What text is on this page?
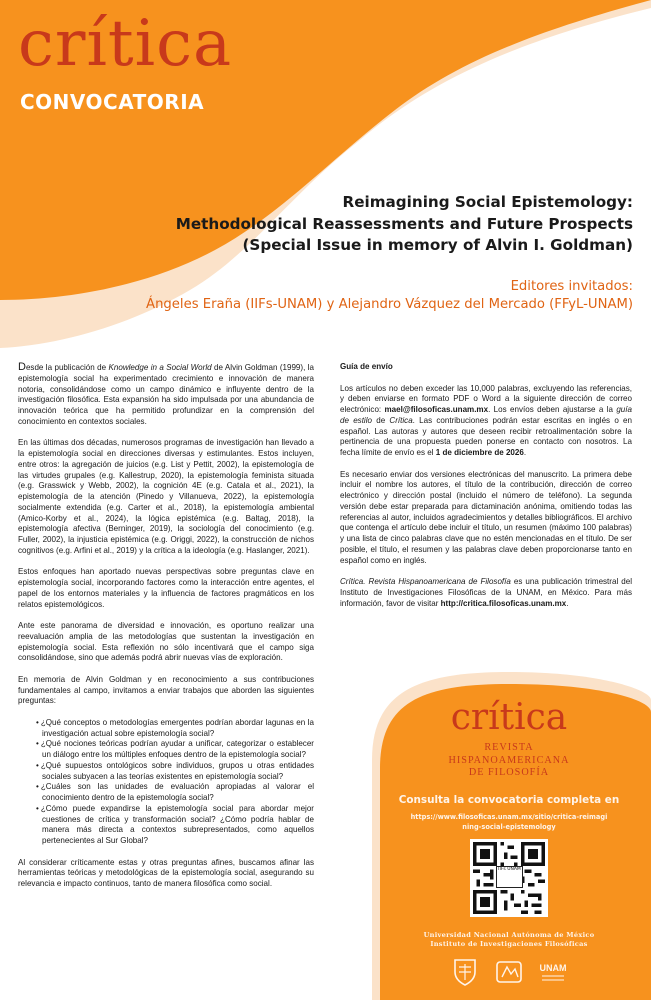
crítica
CONVOCATORIA
Reimagining Social Epistemology:
Methodological Reassessments and Future Prospects
(Special Issue in memory of Alvin I. Goldman)
Editores invitados:
Ángeles Eraña (IIFs-UNAM) y Alejandro Vázquez del Mercado (FFyL-UNAM)

Desde la publicación de Knowledge in a Social World de Alvin Goldman (1999), la epistemología social ha experimentado crecimiento e innovación de manera notoria, consolidándose como un campo dinámico e influyente dentro de la investigación filosófica. Esta expansión ha sido impulsada por una abundancia de innovación teórica que ha permitido profundizar en la comprensión del conocimiento en contextos sociales.

En las últimas dos décadas, numerosos programas de investigación han llevado a la epistemología social en direcciones diversas y estimulantes. Estos incluyen, entre otros: la agregación de juicios (e.g. List y Pettit, 2002), la epistemología de las virtudes grupales (e.g. Kallestrup, 2020), la epistemología feminista situada (e.g. Grasswick y Webb, 2002), la cognición 4E (e.g. Catala et al., 2021), la epistemología de la atención (Pinedo y Villanueva, 2022), la epistemología socialmente extendida (e.g. Carter et al., 2018), la epistemología ambiental (Amico-Korby et al., 2024), la lógica epistémica (e.g. Baltag, 2018), la epistemología afectiva (Berninger, 2019), la sociología del conocimiento (e.g. Fuller, 2002), la injusticia epistémica (e.g. Origgi, 2022), la construcción de nichos cognitivos (e.g. Arfini et al., 2019) y la crítica a la ideología (e.g. Haslanger, 2021).

Estos enfoques han aportado nuevas perspectivas sobre preguntas clave en epistemología social, incorporando factores como la interacción entre agentes, el papel de los entornos materiales y la influencia de factores pragmáticos en los relatos epistemológicos.

Ante este panorama de diversidad e innovación, es oportuno realizar una reevaluación amplia de las metodologías que sustentan la investigación en epistemología social. Esta reflexión no sólo incentivará que el campo siga consolidándose, sino que además podrá abrir nuevas vías de exploración.

En memoria de Alvin Goldman y en reconocimiento a sus contribuciones fundamentales al campo, invitamos a enviar trabajos que aborden las siguientes preguntas:

• ¿Qué conceptos o metodologías emergentes podrían abordar lagunas en la investigación actual sobre epistemología social?
• ¿Qué nociones teóricas podrían ayudar a unificar, categorizar o establecer un diálogo entre los múltiples enfoques dentro de la epistemología social?
• ¿Qué supuestos ontológicos sobre individuos, grupos u otras entidades sociales subyacen a las teorías existentes en epistemología social?
• ¿Cuáles son las unidades de evaluación apropiadas al valorar el conocimiento dentro de la epistemología social?
• ¿Cómo puede expandirse la epistemología social para abordar mejor cuestiones de crítica y transformación social? ¿Cómo podría hablar de manera más directa a contextos subrepresentados, como aquellos pertenecientes al Sur Global?

Al considerar críticamente estas y otras preguntas afines, buscamos afinar las herramientas teóricas y metodológicas de la epistemología social, asegurando su relevancia e impacto continuos, tanto de manera filosófica como social.

Guía de envío

Los artículos no deben exceder las 10,000 palabras, excluyendo las referencias, y deben enviarse en formato PDF o Word a la siguiente dirección de correo electrónico: mael@filosoficas.unam.mx. Los envíos deben ajustarse a la guía de estilo de Crítica. Las contribuciones podrán estar escritas en inglés o en español. Las autoras y autores que deseen recibir retroalimentación sobre la pertinencia de una propuesta pueden ponerse en contacto con nosotros. La fecha límite de envío es el 1 de diciembre de 2026.

Es necesario enviar dos versiones electrónicas del manuscrito. La primera debe incluir el nombre los autores, el título de la contribución, dirección de correo electrónico y dirección postal (incluido el número de teléfono). La segunda versión debe estar preparada para dictaminación anónima, omitiendo todas las referencias al autor, incluidos agradecimientos y detalles bibliográficos. El archivo que contenga el artículo debe incluir el título, un resumen (máximo 100 palabras) y una lista de cinco palabras clave que no estén mencionadas en el título. De ser posible, el título, el resumen y las palabras clave deben proporcionarse tanto en español como en inglés.

Crítica. Revista Hispanoamericana de Filosofía es una publicación trimestral del Instituto de Investigaciones Filosóficas de la UNAM, en México. Para más información, favor de visitar http://critica.filosoficas.unam.mx.

crítica
REVISTA
HISPANOAMERICANA
DE FILOSOFÍA
Consulta la convocatoria completa en
https://www.filosoficas.unam.mx/sitio/critica-reimagi
ning-social-epistemology
IIFs UNAM
Universidad Nacional Autónoma de México
Instituto de Investigaciones Filosóficas
UNAM
